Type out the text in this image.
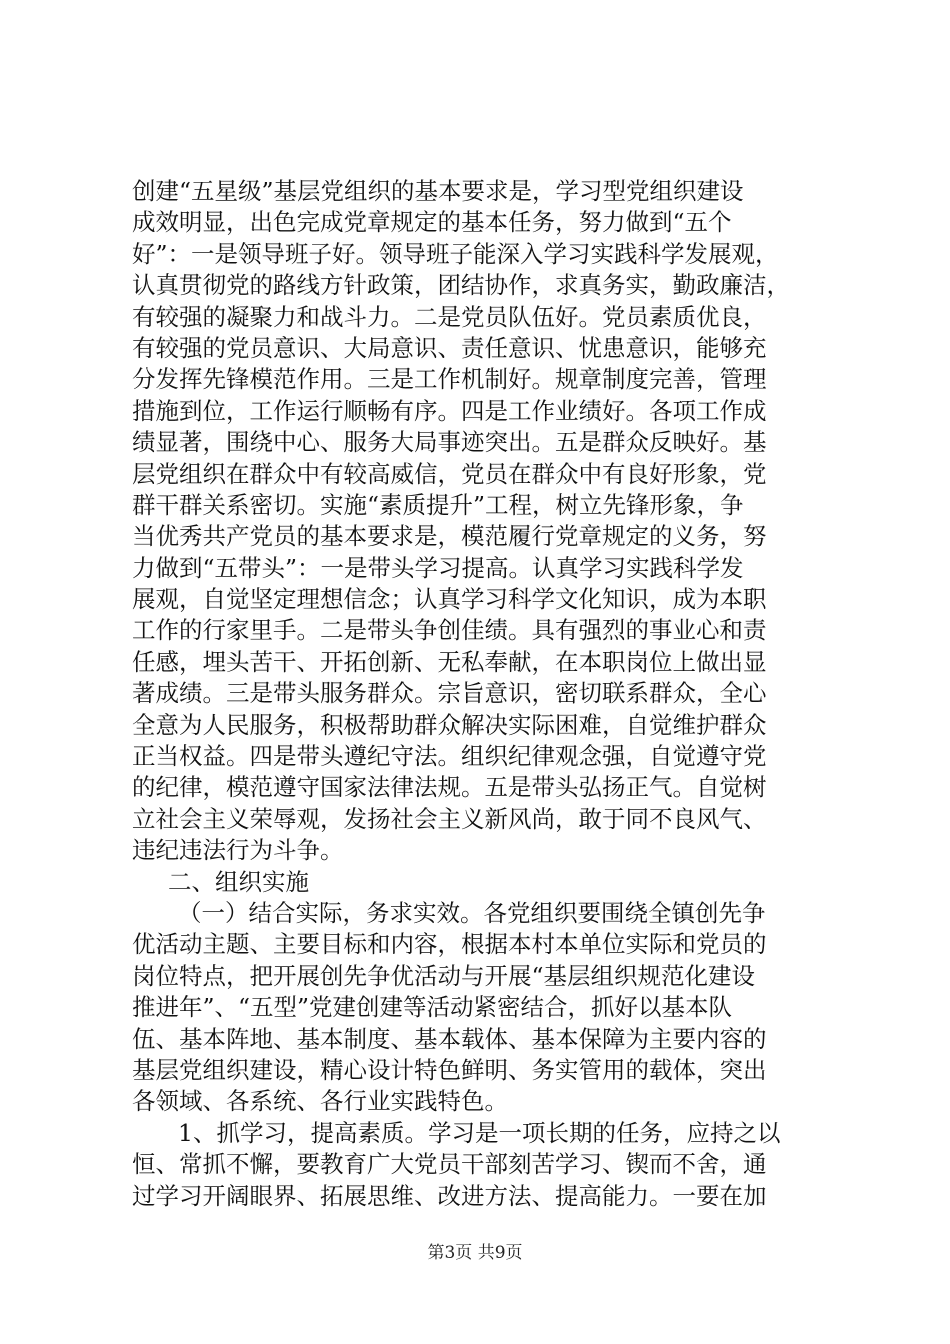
创建“五星级”基层党组织的基本要求是，学习型党组织建设
成效明显，出色完成党章规定的基本任务，努力做到“五个
好”：一是领导班子好。领导班子能深入学习实践科学发展观，
认真贯彻党的路线方针政策，团结协作，求真务实，勤政廉洁，
有较强的凝聚力和战斗力。二是党员队伍好。党员素质优良，
有较强的党员意识、大局意识、责任意识、忧患意识，能够充
分发挥先锋模范作用。三是工作机制好。规章制度完善，管理
措施到位，工作运行顺畅有序。四是工作业绩好。各项工作成
绩显著，围绕中心、服务大局事迹突出。五是群众反映好。基
层党组织在群众中有较高威信，党员在群众中有良好形象，党
群干群关系密切。实施“素质提升”工程，树立先锋形象，争
当优秀共产党员的基本要求是，模范履行党章规定的义务，努
力做到“五带头”：一是带头学习提高。认真学习实践科学发
展观，自觉坚定理想信念；认真学习科学文化知识，成为本职
工作的行家里手。二是带头争创佳绩。具有强烈的事业心和责
任感，埋头苦干、开拓创新、无私奉献，在本职岗位上做出显
著成绩。三是带头服务群众。宗旨意识，密切联系群众，全心
全意为人民服务，积极帮助群众解决实际困难，自觉维护群众
正当权益。四是带头遵纪守法。组织纪律观念强，自觉遵守党
的纪律，模范遵守国家法律法规。五是带头弘扬正气。自觉树
立社会主义荣辱观，发扬社会主义新风尚，敢于同不良风气、
违纪违法行为斗争。
二、组织实施
（一）结合实际，务求实效。各党组织要围绕全镇创先争
优活动主题、主要目标和内容，根据本村本单位实际和党员的
岗位特点，把开展创先争优活动与开展“基层组织规范化建设
推进年”、“五型”党建创建等活动紧密结合，抓好以基本队
伍、基本阵地、基本制度、基本载体、基本保障为主要内容的
基层党组织建设，精心设计特色鲜明、务实管用的载体，突出
各领域、各系统、各行业实践特色。
1、抓学习，提高素质。学习是一项长期的任务，应持之以
恒、常抓不懈，要教育广大党员干部刻苦学习、锲而不舍，通
过学习开阔眼界、拓展思维、改进方法、提高能力。一要在加
第3页 共9页
